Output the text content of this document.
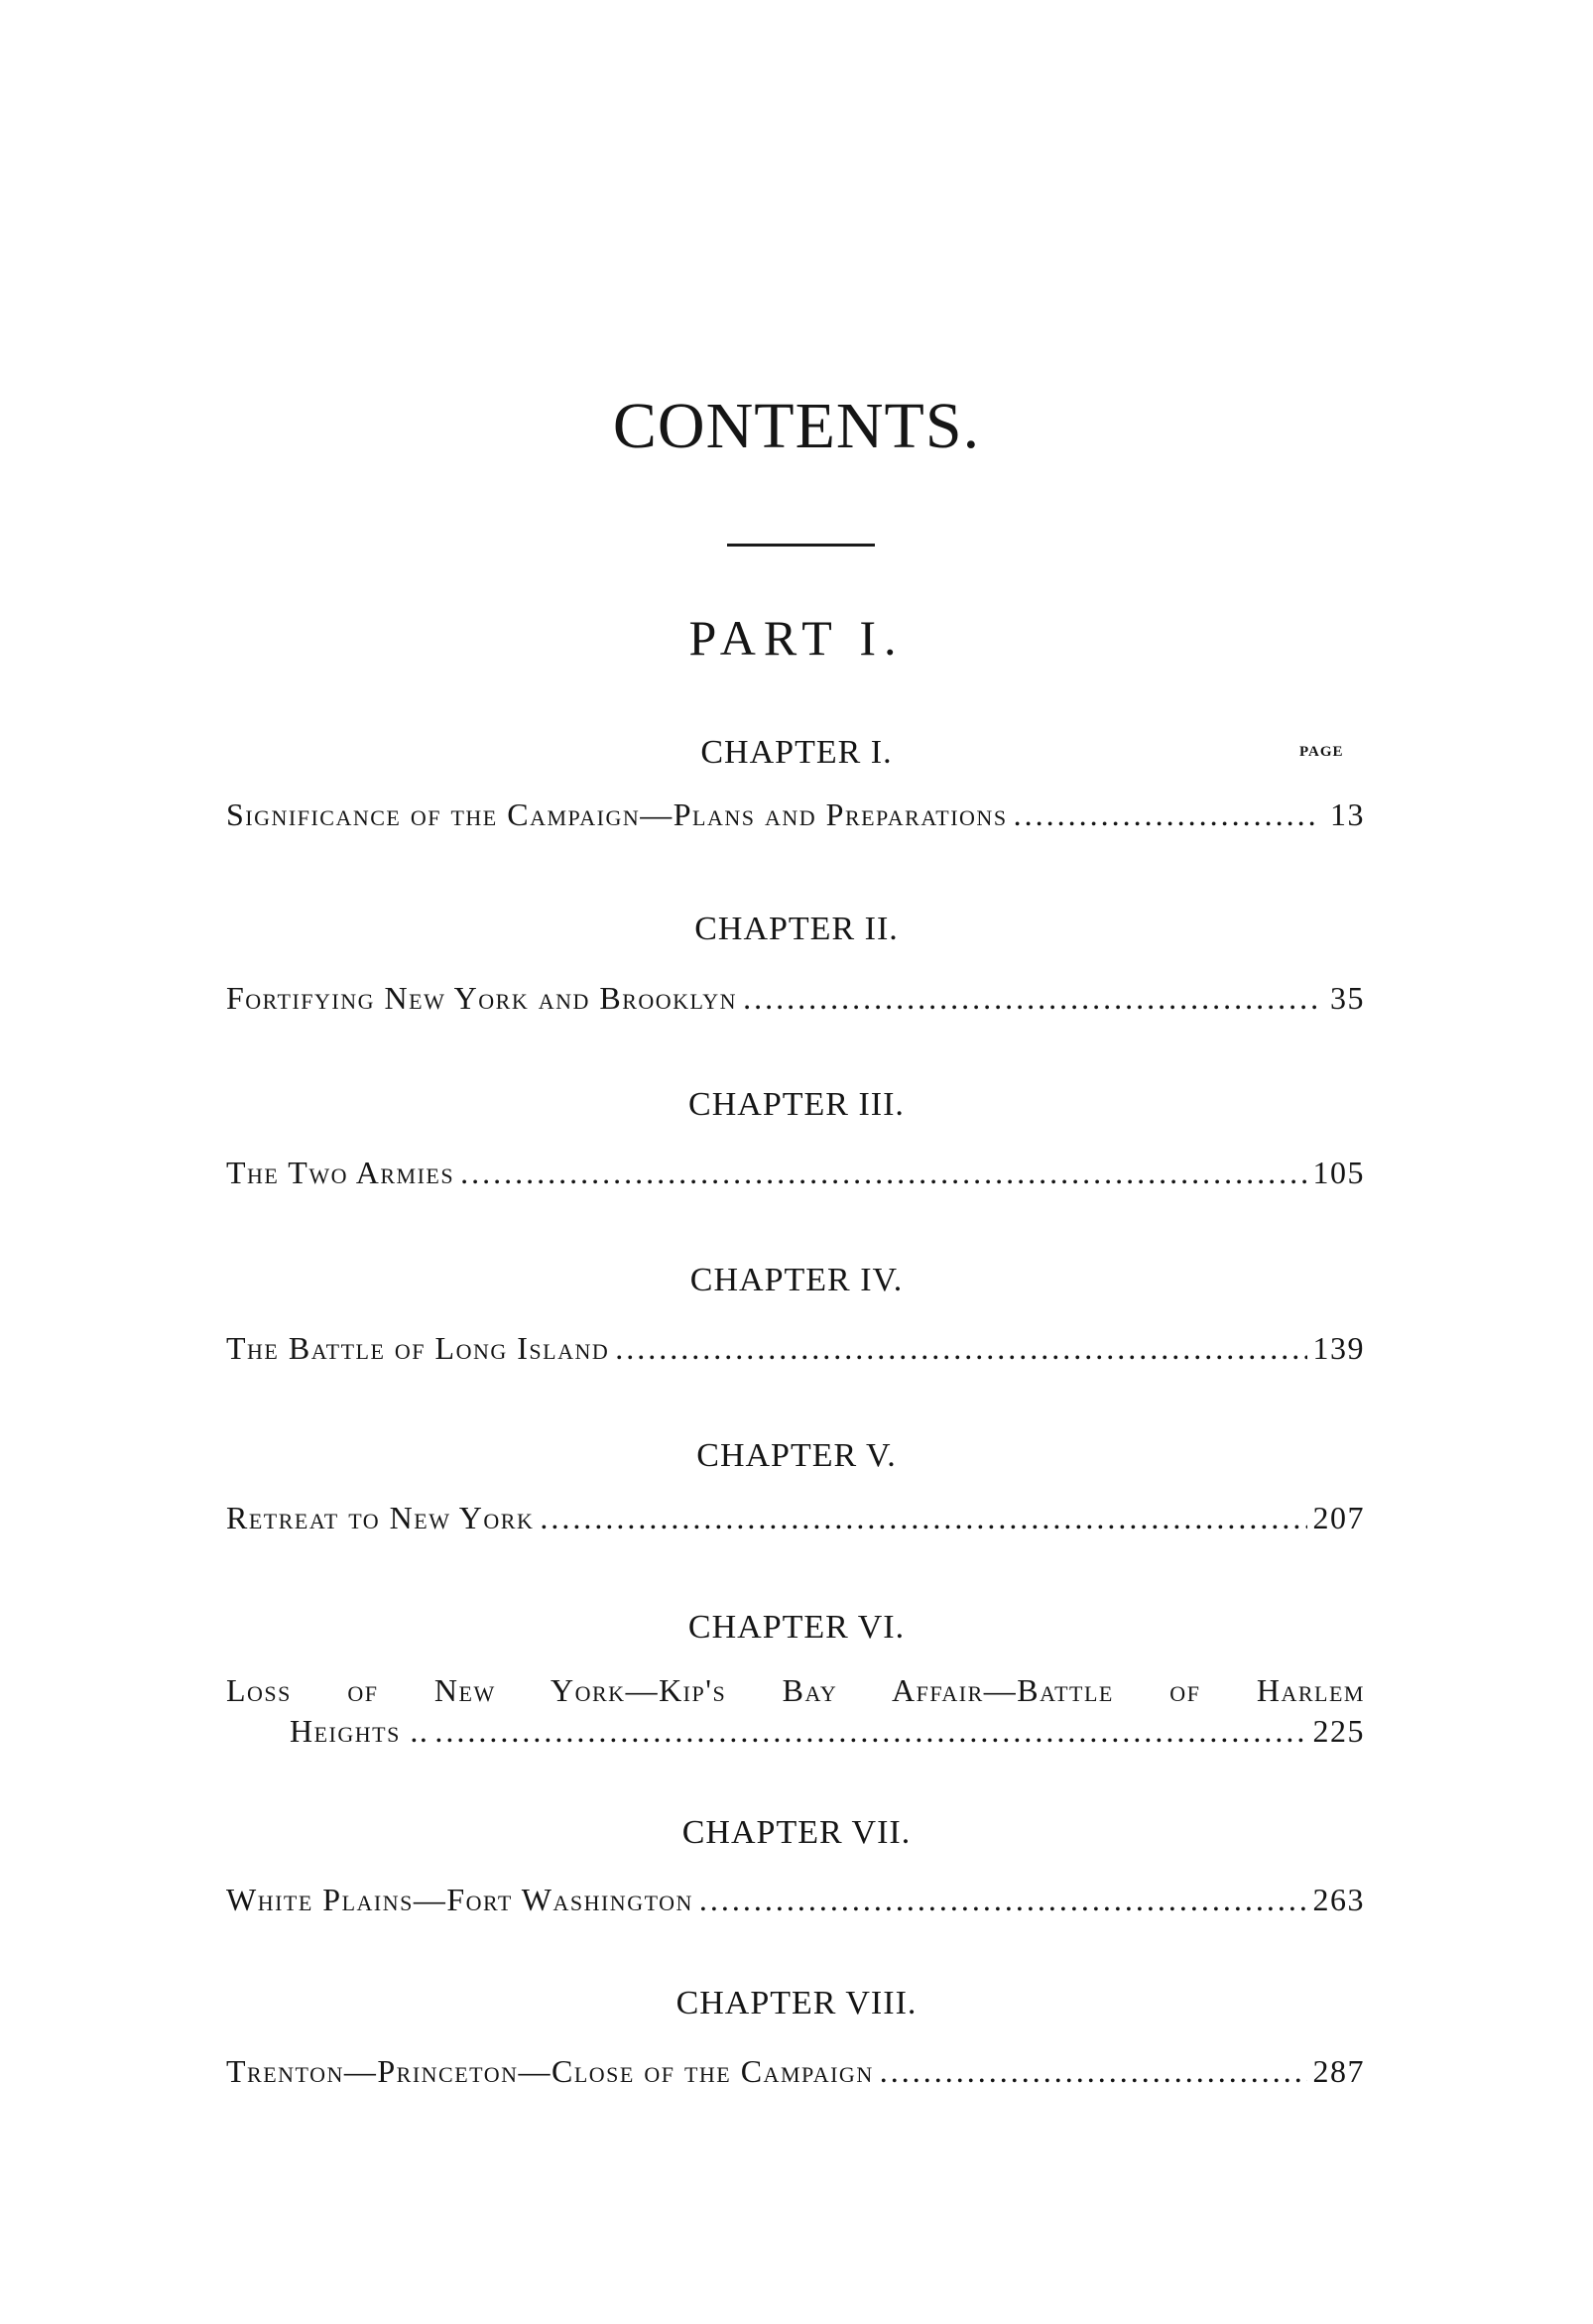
CONTENTS.
PART I.
PAGE
CHAPTER I.
Significance of the Campaign—Plans and Preparations .....	13
CHAPTER II.
Fortifying New York and Brooklyn .....	35
CHAPTER III.
The Two Armies .....	105
CHAPTER IV.
The Battle of Long Island .....	139
CHAPTER V.
Retreat to New York .....	207
CHAPTER VI.
Loss of New York—Kip's Bay Affair—Battle of Harlem
Heights .. .....	225
CHAPTER VII.
White Plains—Fort Washington .....	263
CHAPTER VIII.
Trenton—Princeton—Close of the Campaign .....	287
